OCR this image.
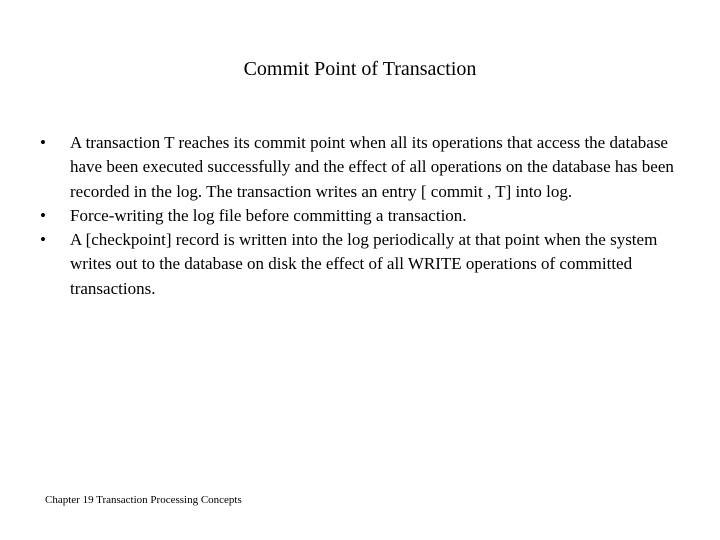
Commit Point of Transaction
•	A transaction T reaches its commit point when all its operations that access the database have been executed successfully and the effect of all operations on the database has been recorded in the log. The transaction writes an entry [ commit , T] into log.
•	Force-writing the log file before committing a transaction.
•	A [checkpoint] record is written into the log periodically at that point when the system writes out to the database on disk the effect of all WRITE operations of committed transactions.
Chapter 19 Transaction Processing Concepts
